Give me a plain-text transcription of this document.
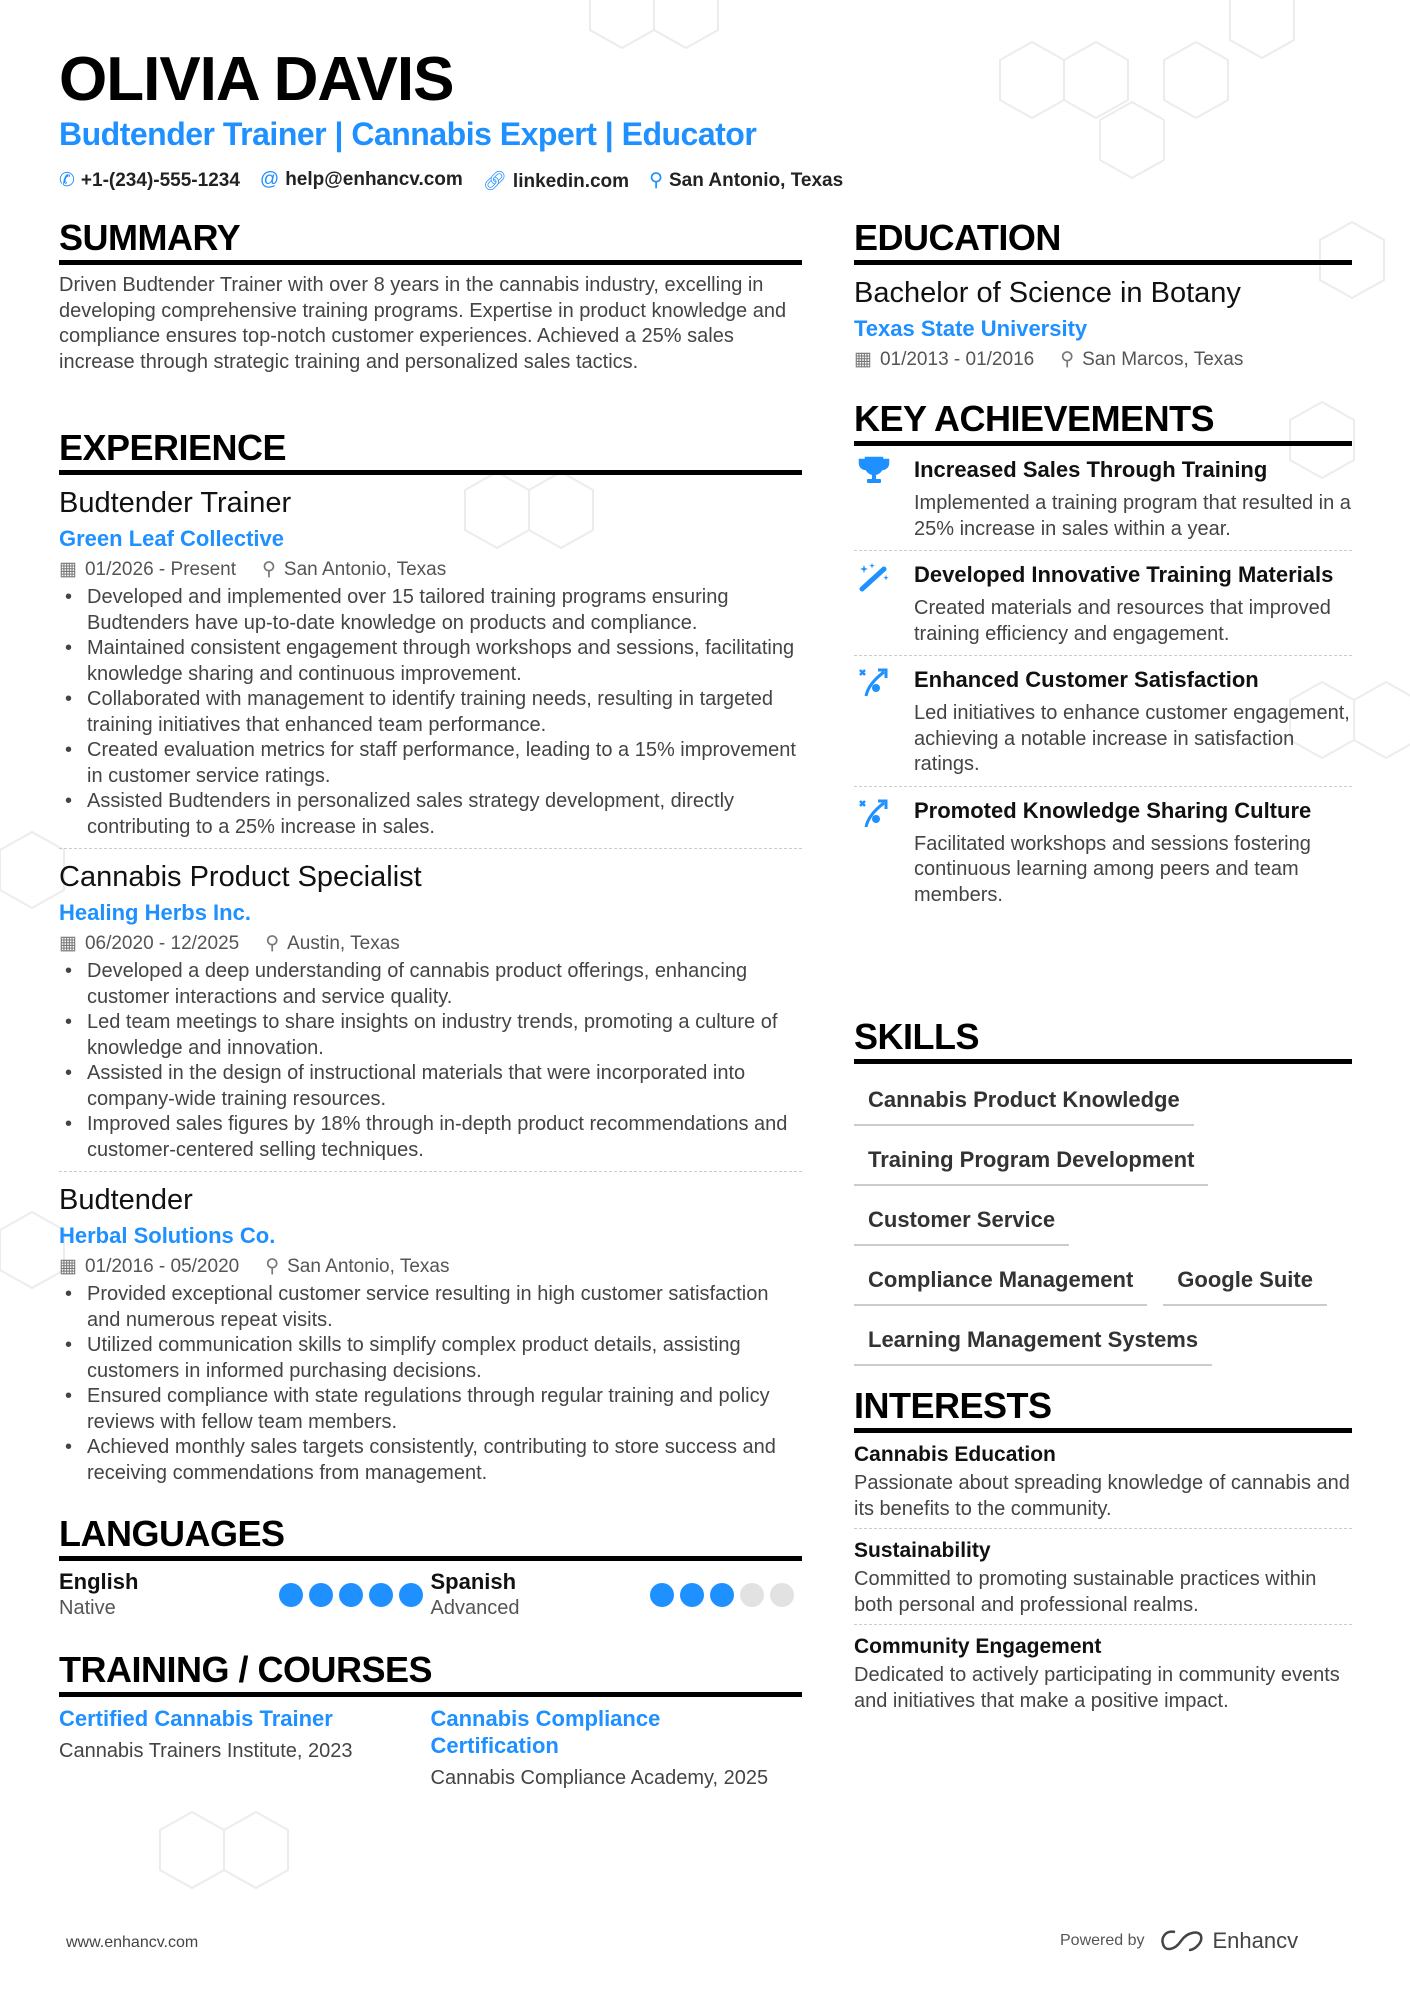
OLIVIA DAVIS
Budtender Trainer | Cannabis Expert | Educator
✆ +1-(234)-555-1234 @ help@enhancv.com 🔗︎ linkedin.com ⚲ San Antonio, Texas
SUMMARY
Driven Budtender Trainer with over 8 years in the cannabis industry, excelling in developing comprehensive training programs. Expertise in product knowledge and compliance ensures top-notch customer experiences. Achieved a 25% sales increase through strategic training and personalized sales tactics.
EXPERIENCE
Budtender Trainer
Green Leaf Collective
▦ 01/2026 - Present ⚲ San Antonio, Texas
• Developed and implemented over 15 tailored training programs ensuring Budtenders have up-to-date knowledge on products and compliance.
• Maintained consistent engagement through workshops and sessions, facilitating knowledge sharing and continuous improvement.
• Collaborated with management to identify training needs, resulting in targeted training initiatives that enhanced team performance.
• Created evaluation metrics for staff performance, leading to a 15% improvement in customer service ratings.
• Assisted Budtenders in personalized sales strategy development, directly contributing to a 25% increase in sales.
Cannabis Product Specialist
Healing Herbs Inc.
▦ 06/2020 - 12/2025 ⚲ Austin, Texas
• Developed a deep understanding of cannabis product offerings, enhancing customer interactions and service quality.
• Led team meetings to share insights on industry trends, promoting a culture of knowledge and innovation.
• Assisted in the design of instructional materials that were incorporated into company-wide training resources.
• Improved sales figures by 18% through in-depth product recommendations and customer-centered selling techniques.
Budtender
Herbal Solutions Co.
▦ 01/2016 - 05/2020 ⚲ San Antonio, Texas
• Provided exceptional customer service resulting in high customer satisfaction and numerous repeat visits.
• Utilized communication skills to simplify complex product details, assisting customers in informed purchasing decisions.
• Ensured compliance with state regulations through regular training and policy reviews with fellow team members.
• Achieved monthly sales targets consistently, contributing to store success and receiving commendations from management.
LANGUAGES
English
Native
Spanish
Advanced
TRAINING / COURSES
Certified Cannabis Trainer
Cannabis Trainers Institute, 2023
Cannabis Compliance Certification
Cannabis Compliance Academy, 2025
EDUCATION
Bachelor of Science in Botany
Texas State University
▦ 01/2013 - 01/2016 ⚲ San Marcos, Texas
KEY ACHIEVEMENTS
Increased Sales Through Training
Implemented a training program that resulted in a 25% increase in sales within a year.
Developed Innovative Training Materials
Created materials and resources that improved training efficiency and engagement.
Enhanced Customer Satisfaction
Led initiatives to enhance customer engagement, achieving a notable increase in satisfaction ratings.
Promoted Knowledge Sharing Culture
Facilitated workshops and sessions fostering continuous learning among peers and team members.
SKILLS
Cannabis Product Knowledge
Training Program Development
Customer Service
Compliance Management	Google Suite
Learning Management Systems
INTERESTS
Cannabis Education
Passionate about spreading knowledge of cannabis and its benefits to the community.
Sustainability
Committed to promoting sustainable practices within both personal and professional realms.
Community Engagement
Dedicated to actively participating in community events and initiatives that make a positive impact.
www.enhancv.com	Powered by	Enhancv
